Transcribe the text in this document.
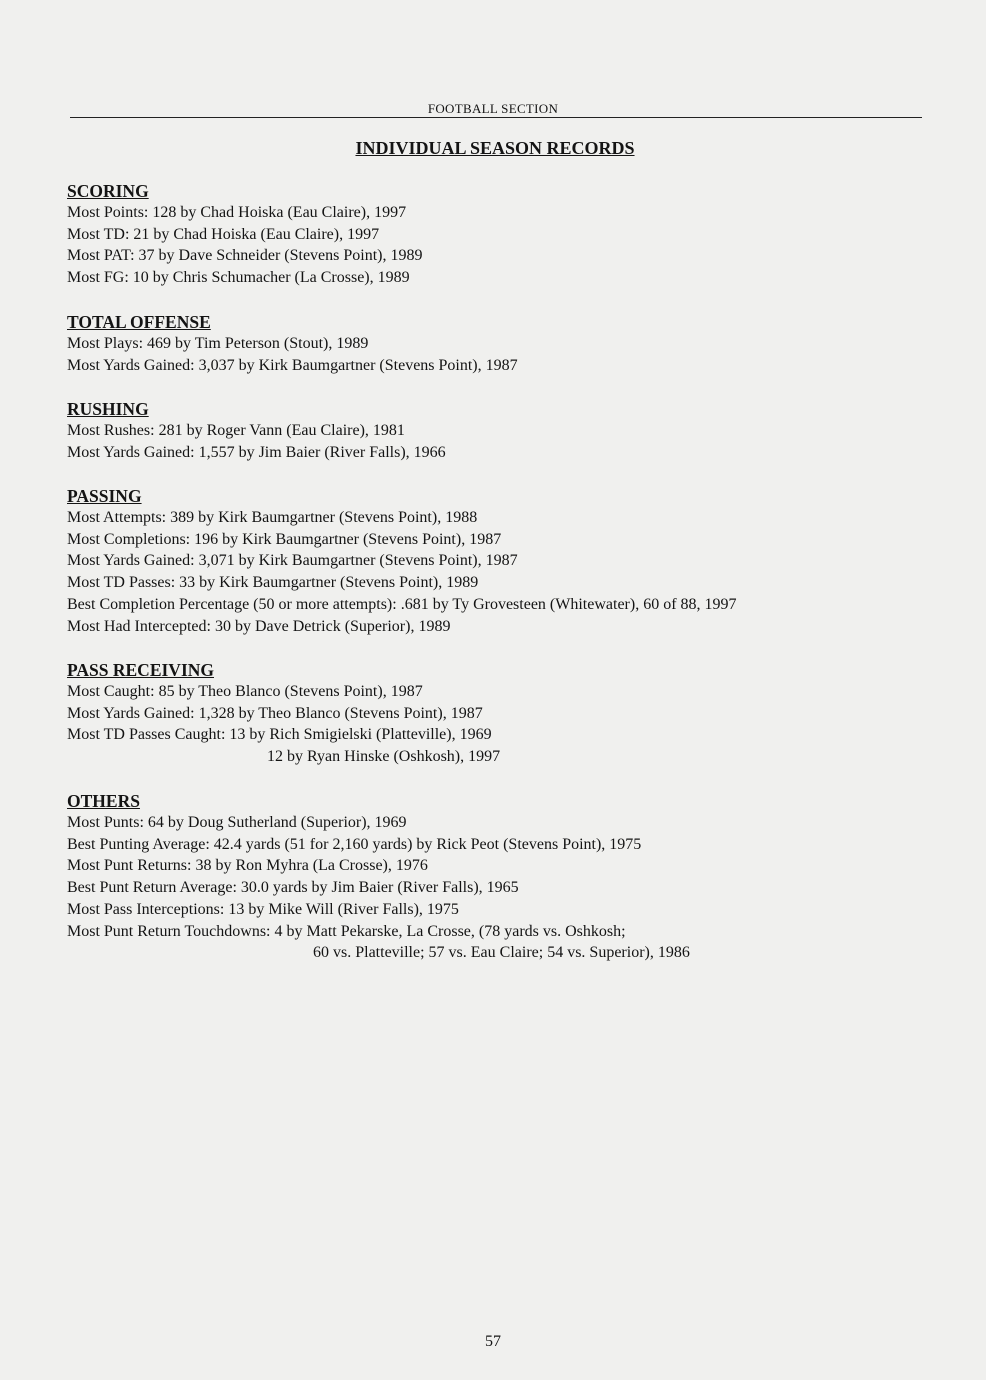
FOOTBALL SECTION
INDIVIDUAL SEASON RECORDS
SCORING
Most Points: 128 by Chad Hoiska (Eau Claire), 1997
Most TD: 21 by Chad Hoiska (Eau Claire), 1997
Most PAT: 37 by Dave Schneider (Stevens Point), 1989
Most FG: 10 by Chris Schumacher (La Crosse), 1989
TOTAL OFFENSE
Most Plays: 469 by Tim Peterson (Stout), 1989
Most Yards Gained: 3,037 by Kirk Baumgartner (Stevens Point), 1987
RUSHING
Most Rushes: 281 by Roger Vann (Eau Claire), 1981
Most Yards Gained: 1,557 by Jim Baier (River Falls), 1966
PASSING
Most Attempts: 389 by Kirk Baumgartner (Stevens Point), 1988
Most Completions: 196 by Kirk Baumgartner (Stevens Point), 1987
Most Yards Gained: 3,071 by Kirk Baumgartner (Stevens Point), 1987
Most TD Passes: 33 by Kirk Baumgartner (Stevens Point), 1989
Best Completion Percentage (50 or more attempts): .681 by Ty Grovesteen (Whitewater), 60 of 88, 1997
Most Had Intercepted: 30 by Dave Detrick (Superior), 1989
PASS RECEIVING
Most Caught: 85 by Theo Blanco (Stevens Point), 1987
Most Yards Gained: 1,328 by Theo Blanco (Stevens Point), 1987
Most TD Passes Caught: 13 by Rich Smigielski (Platteville), 1969
12 by Ryan Hinske (Oshkosh), 1997
OTHERS
Most Punts: 64 by Doug Sutherland (Superior), 1969
Best Punting Average: 42.4 yards (51 for 2,160 yards) by Rick Peot (Stevens Point), 1975
Most Punt Returns: 38 by Ron Myhra (La Crosse), 1976
Best Punt Return Average: 30.0 yards by Jim Baier (River Falls), 1965
Most Pass Interceptions: 13 by Mike Will (River Falls), 1975
Most Punt Return Touchdowns: 4 by Matt Pekarske, La Crosse, (78 yards vs. Oshkosh;
60 vs. Platteville; 57 vs. Eau Claire; 54 vs. Superior), 1986
57
